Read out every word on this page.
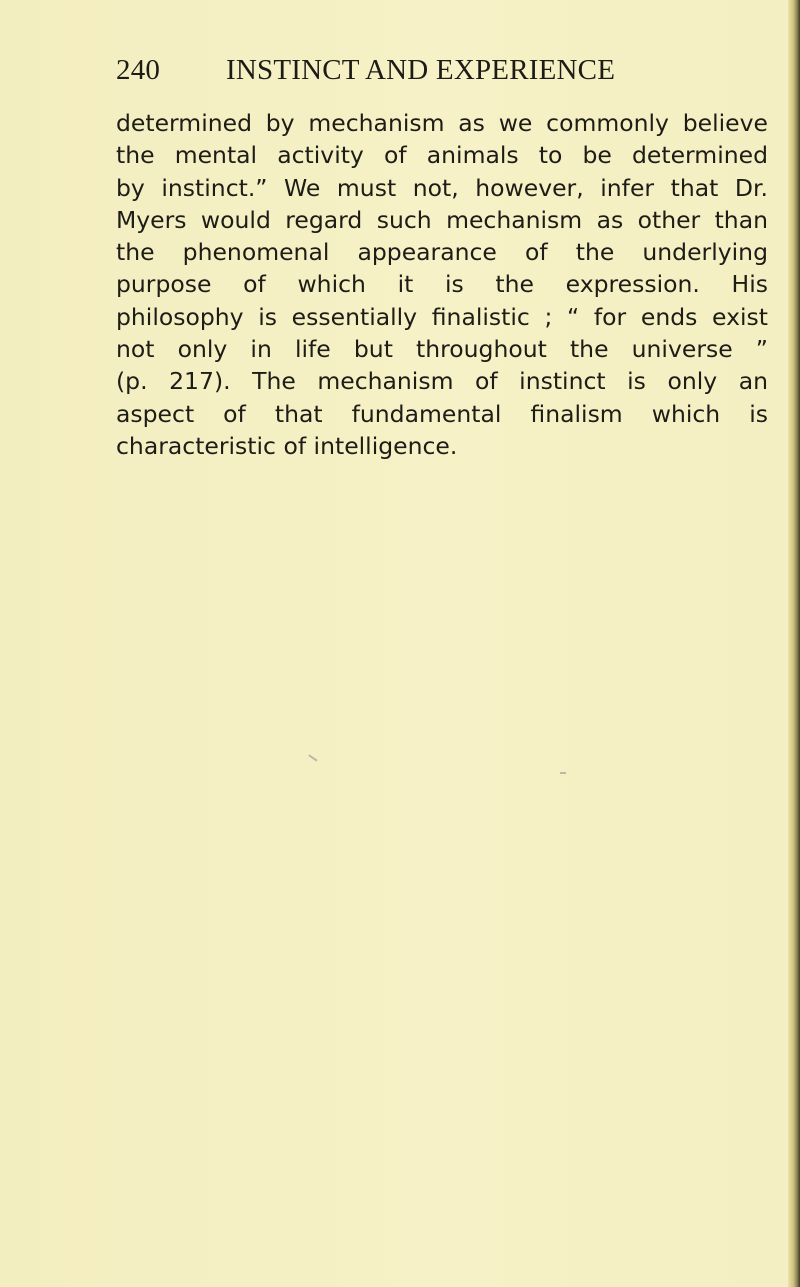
240 INSTINCT AND EXPERIENCE
determined by mechanism as we commonly believe
the mental activity of animals to be determined
by instinct.” We must not, however, infer that Dr.
Myers would regard such mechanism as other than
the phenomenal appearance of the underlying
purpose of which it is the expression. His
philosophy is essentially finalistic ; “ for ends exist
not only in life but throughout the universe ”
(p. 217). The mechanism of instinct is only an
aspect of that fundamental finalism which is
characteristic of intelligence.
